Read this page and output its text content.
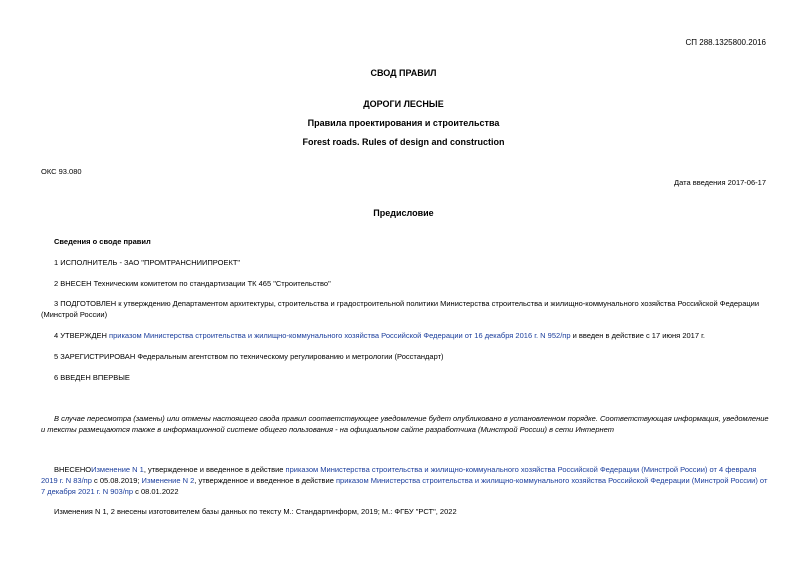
СП 288.1325800.2016
СВОД ПРАВИЛ
ДОРОГИ ЛЕСНЫЕ
Правила проектирования и строительства
Forest roads. Rules of design and construction
ОКС 93.080
Дата введения 2017-06-17
Предисловие
Сведения о своде правил
1 ИСПОЛНИТЕЛЬ - ЗАО "ПРОМТРАНСНИИПРОЕКТ"
2 ВНЕСЕН Техническим комитетом по стандартизации ТК 465 "Строительство"
3 ПОДГОТОВЛЕН к утверждению Департаментом архитектуры, строительства и градостроительной политики Министерства строительства и жилищно-коммунального хозяйства Российской Федерации (Минстрой России)
4 УТВЕРЖДЕН приказом Министерства строительства и жилищно-коммунального хозяйства Российской Федерации от 16 декабря 2016 г. N 952/пр и введен в действие с 17 июня 2017 г.
5 ЗАРЕГИСТРИРОВАН Федеральным агентством по техническому регулированию и метрологии (Росстандарт)
6 ВВЕДЕН ВПЕРВЫЕ
В случае пересмотра (замены) или отмены настоящего свода правил соответствующее уведомление будет опубликовано в установленном порядке. Соответствующая информация, уведомление и тексты размещаются также в информационной системе общего пользования - на официальном сайте разработчика (Минстрой России) в сети Интернет
ВНЕСЕНОИзменение N 1, утвержденное и введенное в действие приказом Министерства строительства и жилищно-коммунального хозяйства Российской Федерации (Минстрой России) от 4 февраля 2019 г. N 83/пр с 05.08.2019; Изменение N 2, утвержденное и введенное в действие приказом Министерства строительства и жилищно-коммунального хозяйства Российской Федерации (Минстрой России) от 7 декабря 2021 г. N 903/пр с 08.01.2022
Изменения N 1, 2 внесены изготовителем базы данных по тексту М.: Стандартинформ, 2019; М.: ФГБУ "РСТ", 2022
